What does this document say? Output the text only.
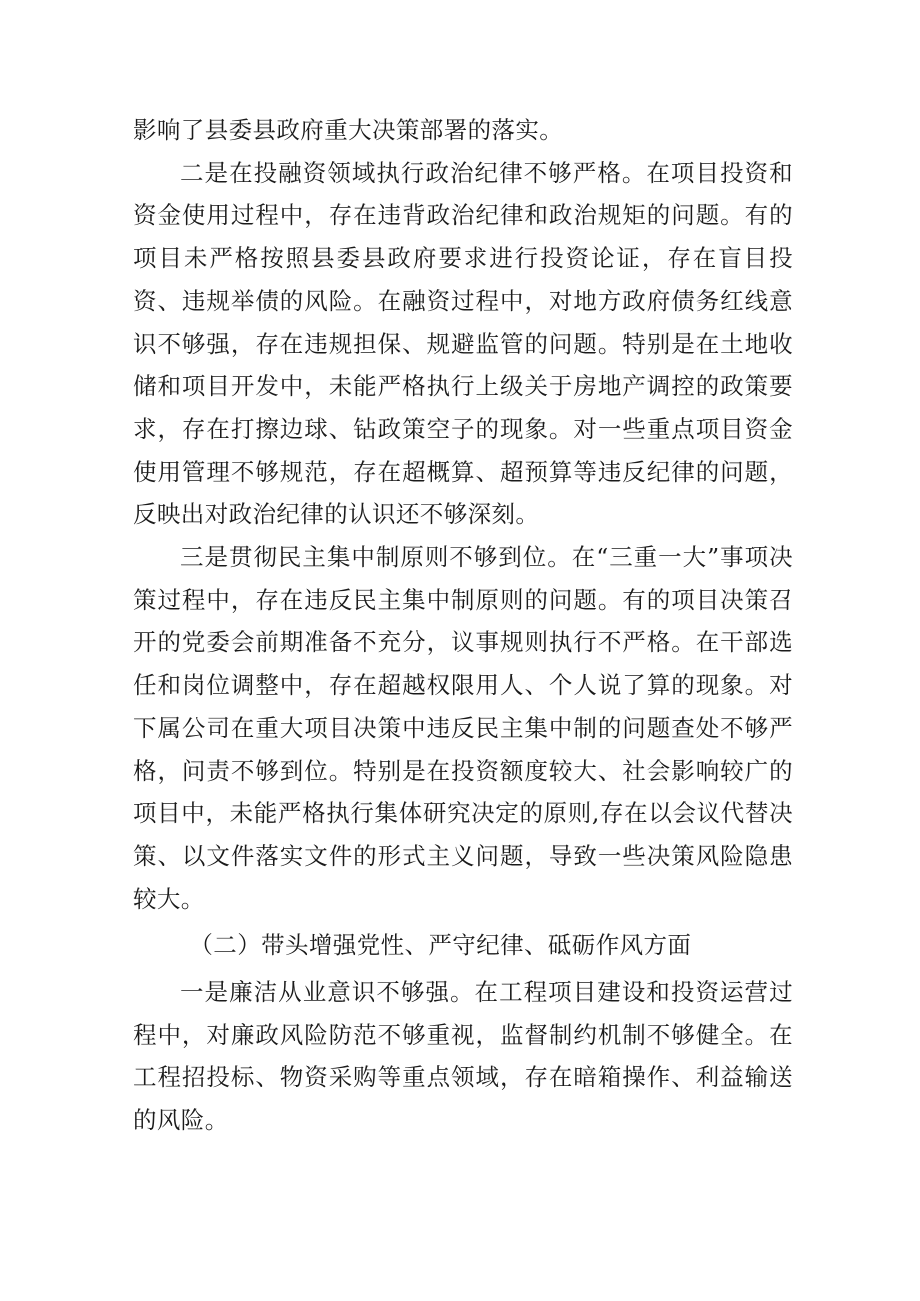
影响了县委县政府重大决策部署的落实。

二是在投融资领域执行政治纪律不够严格。在项目投资和资金使用过程中，存在违背政治纪律和政治规矩的问题。有的项目未严格按照县委县政府要求进行投资论证，存在盲目投资、违规举债的风险。在融资过程中，对地方政府债务红线意识不够强，存在违规担保、规避监管的问题。特别是在土地收储和项目开发中，未能严格执行上级关于房地产调控的政策要求，存在打擦边球、钻政策空子的现象。对一些重点项目资金使用管理不够规范，存在超概算、超预算等违反纪律的问题，反映出对政治纪律的认识还不够深刻。

三是贯彻民主集中制原则不够到位。在“三重一大”事项决策过程中，存在违反民主集中制原则的问题。有的项目决策召开的党委会前期准备不充分，议事规则执行不严格。在干部选任和岗位调整中，存在超越权限用人、个人说了算的现象。对下属公司在重大项目决策中违反民主集中制的问题查处不够严格，问责不够到位。特别是在投资额度较大、社会影响较广的项目中，未能严格执行集体研究决定的原则,存在以会议代替决策、以文件落实文件的形式主义问题，导致一些决策风险隐患较大。

（二）带头增强党性、严守纪律、砥砺作风方面

一是廉洁从业意识不够强。在工程项目建设和投资运营过程中，对廉政风险防范不够重视，监督制约机制不够健全。在工程招投标、物资采购等重点领域，存在暗箱操作、利益输送的风险。
